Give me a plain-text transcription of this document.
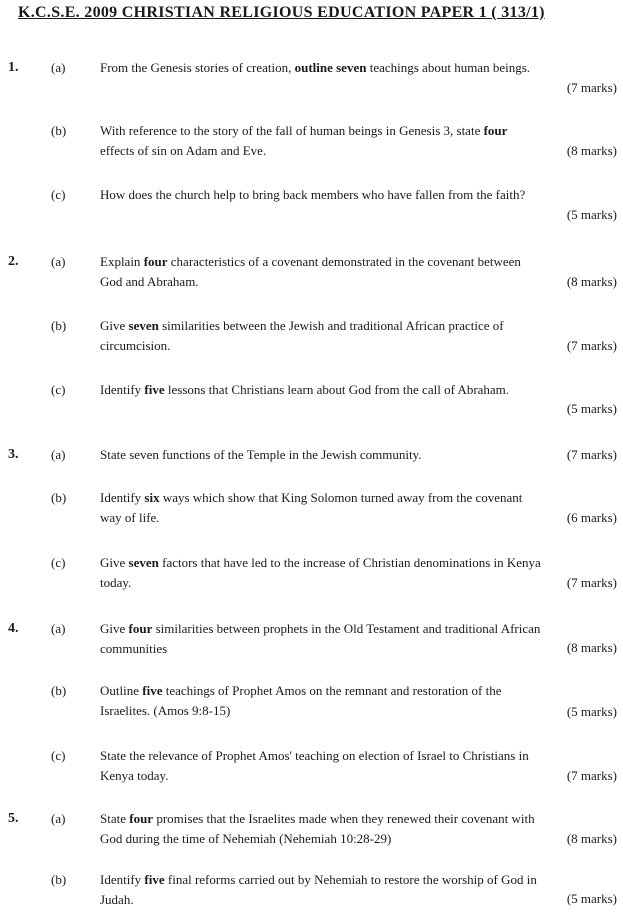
K.C.S.E. 2009 CHRISTIAN RELIGIOUS EDUCATION PAPER 1 ( 313/1)
1.	(a)	From the Genesis stories of creation, outline seven teachings about human beings.
(7 marks)
(b)	With reference to the story of the fall of human beings in Genesis 3, state four
effects of sin on Adam and Eve.	(8 marks)
(c)	How does the church help to bring back members who have fallen from the faith?
(5 marks)
2.	(a)	Explain four characteristics of a covenant demonstrated in the covenant between
God and Abraham.	(8 marks)
(b)	Give seven similarities between the Jewish and traditional African practice of
circumcision.	(7 marks)
(c)	Identify five lessons that Christians learn about God from the call of Abraham.
(5 marks)
3.	(a)	State seven functions of the Temple in the Jewish community.	(7 marks)
(b)	Identify six ways which show that King Solomon turned away from the covenant
way of life.	(6 marks)
(c)	Give seven factors that have led to the increase of Christian denominations in Kenya
today.	(7 marks)
4.	(a)	Give four similarities between prophets in the Old Testament and traditional African
communities	(8 marks)
(b)	Outline five teachings of Prophet Amos on the remnant and restoration of the
Israelites. (Amos 9:8-15)	(5 marks)
(c)	State the relevance of Prophet Amos' teaching on election of Israel to Christians in
Kenya today.	(7 marks)
5.	(a)	State four promises that the Israelites made when they renewed their covenant with
God during the time of Nehemiah (Nehemiah 10:28-29)	(8 marks)
(b)	Identify five final reforms carried out by Nehemiah to restore the worship of God in
Judah.	(5 marks)
